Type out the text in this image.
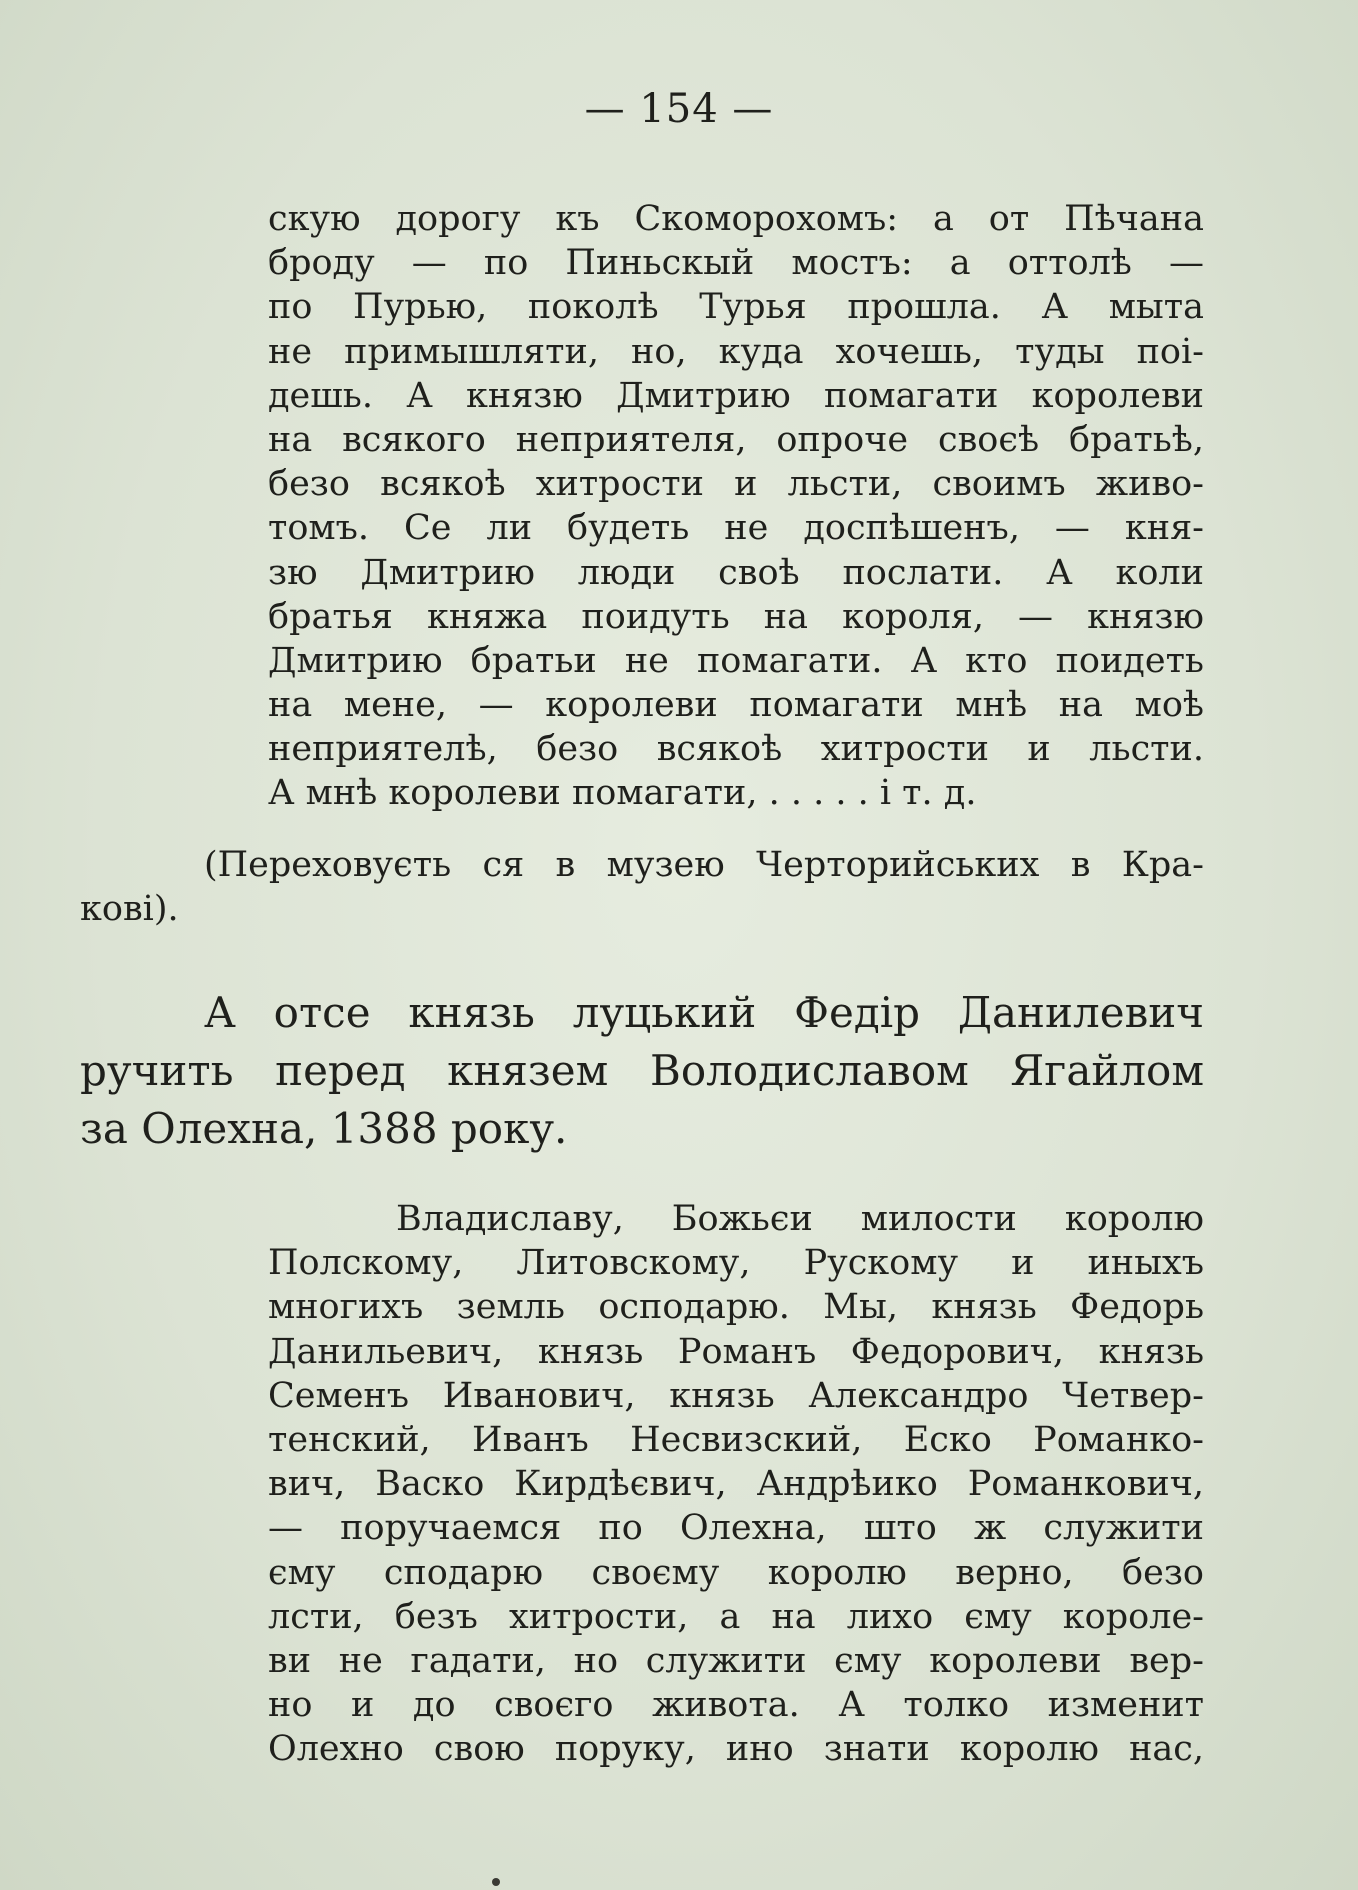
— 154 —
скую дорогу къ Скоморохомъ: а от Пѣчана
броду — по Пиньскый мостъ: а оттолѣ —
по Пурью, поколѣ Турья прошла. А мыта
не примышляти, но, куда хочешь, туды поі-
дешь. А князю Дмитрию помагати королеви
на всякого неприятеля, опроче своєѣ братьѣ,
безо всякоѣ хитрости и льсти, своимъ живо-
томъ. Се ли будеть не доспѣшенъ, — кня-
зю Дмитрию люди своѣ послати. А коли
братья княжа поидуть на короля, — князю
Дмитрию братьи не помагати. А кто поидеть
на мене, — королеви помагати мнѣ на моѣ
неприятелѣ, безо всякоѣ хитрости и льсти.
А мнѣ королеви помагати, . . . . . і т. д.
(Переховуєть ся в музею Черторийських в Кра-
кові).
А отсе князь луцький Федір Данилевич
ручить перед князем Володиславом Ягайлом
за Олехна, 1388 року.
Владиславу, Божьєи милости королю
Полскому, Литовскому, Рускому и иныхъ
многихъ земль осподарю. Мы, князь Федорь
Данильевич, князь Романъ Федорович, князь
Семенъ Иванович, князь Александро Четвер-
тенский, Иванъ Несвизский, Еско Романко-
вич, Васко Кирдѣєвич, Андрѣико Романкович,
— поручаемся по Олехна, што ж служити
єму сподарю своєму королю верно, безо
лсти, безъ хитрости, а на лихо єму короле-
ви не гадати, но служити єму королеви вер-
но и до своєго живота. А толко изменит
Олехно свою поруку, ино знати королю нас,
